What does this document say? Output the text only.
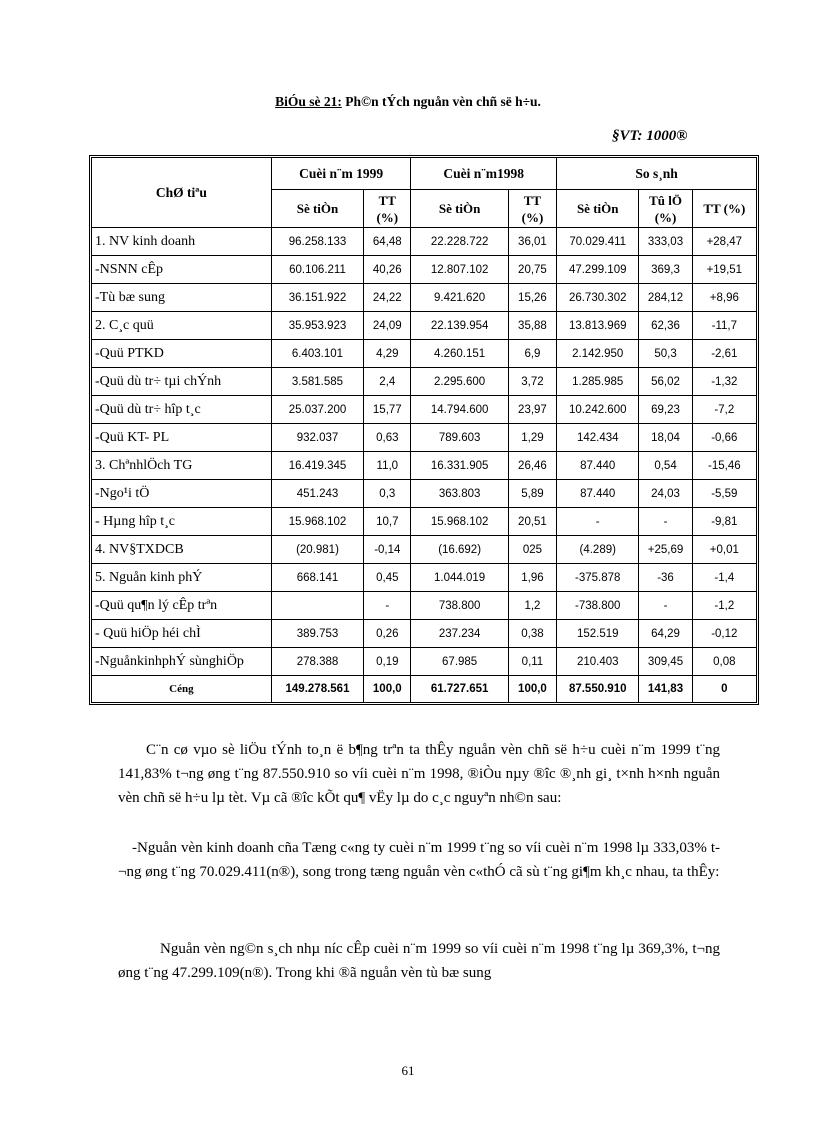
BiÓu sè 21: Ph©n tÝch nguån vèn chñ së h÷u.
§VT: 1000®
ChØ tiªu	Cuèi n¨m 1999		Cuèi n¨m1998		So s¸nh		
	Sè tiÒn	TT (%)	Sè tiÒn	TT (%)	Sè tiÒn	Tû lÖ (%)	TT (%)
1. NV kinh doanh	96.258.133	64,48	22.228.722	36,01	70.029.411	333,03	+28,47
-NSNN cÊp	60.106.211	40,26	12.807.102	20,75	47.299.109	369,3	+19,51
-Tù bæ sung	36.151.922	24,22	9.421.620	15,26	26.730.302	284,12	+8,96
2. C¸c quü	35.953.923	24,09	22.139.954	35,88	13.813.969	62,36	-11,7
-Quü PTKD	6.403.101	4,29	4.260.151	6,9	2.142.950	50,3	-2,61
-Quü dù tr÷ tµi chÝnh	3.581.585	2,4	2.295.600	3,72	1.285.985	56,02	-1,32
-Quü dù tr÷ hîp t¸c	25.037.200	15,77	14.794.600	23,97	10.242.600	69,23	-7,2
-Quü KT- PL	932.037	0,63	789.603	1,29	142.434	18,04	-0,66
3. ChªnhlÖch TG	16.419.345	11,0	16.331.905	26,46	87.440	0,54	-15,46
-Ngo¹i tÖ	451.243	0,3	363.803	5,89	87.440	24,03	-5,59
- Hµng hîp t¸c	15.968.102	10,7	15.968.102	20,51	-	-	-9,81
4. NV§TXDCB	(20.981)	-0,14	(16.692)	025	(4.289)	+25,69	+0,01
5. Nguån kinh phÝ	668.141	0,45	1.044.019	1,96	-375.878	-36	-1,4
-Quü qu¶n lý cÊp trªn		-	738.800	1,2	-738.800	-	-1,2
- Quü hiÖp héi chÌ	389.753	0,26	237.234	0,38	152.519	64,29	-0,12
-NguånkinhphÝ sùnghiÖp	278.388	0,19	67.985	0,11	210.403	309,45	0,08
Céng	149.278.561	100,0	61.727.651	100,0	87.550.910	141,83	0

C¨n cø vµo sè liÖu tÝnh to¸n ë b¶ng trªn ta thÊy nguån vèn chñ së h÷u cuèi n¨m 1999 t¨ng 141,83% t¬ng øng t¨ng 87.550.910 so víi cuèi n¨m 1998, ®iÒu nµy ®îc ®¸nh gi¸ t×nh h×nh nguån vèn chñ së h÷u lµ tèt. Vµ cã ®îc kÕt qu¶ vËy lµ do c¸c nguyªn nh©n sau:

-Nguån vèn kinh doanh cña Tæng c«ng ty cuèi n¨m 1999 t¨ng so víi cuèi n¨m 1998 lµ 333,03% t¬ng øng t¨ng 70.029.411(n®), song trong tæng nguån vèn c«thÓ cã sù t¨ng gi¶m kh¸c nhau, ta thÊy:

Nguån vèn ng©n s¸ch nhµ níc cÊp cuèi n¨m 1999 so víi cuèi n¨m 1998 t¨ng lµ 369,3%, t¬ng øng t¨ng 47.299.109(n®). Trong khi ®ã nguån vèn tù bæ sung

61
